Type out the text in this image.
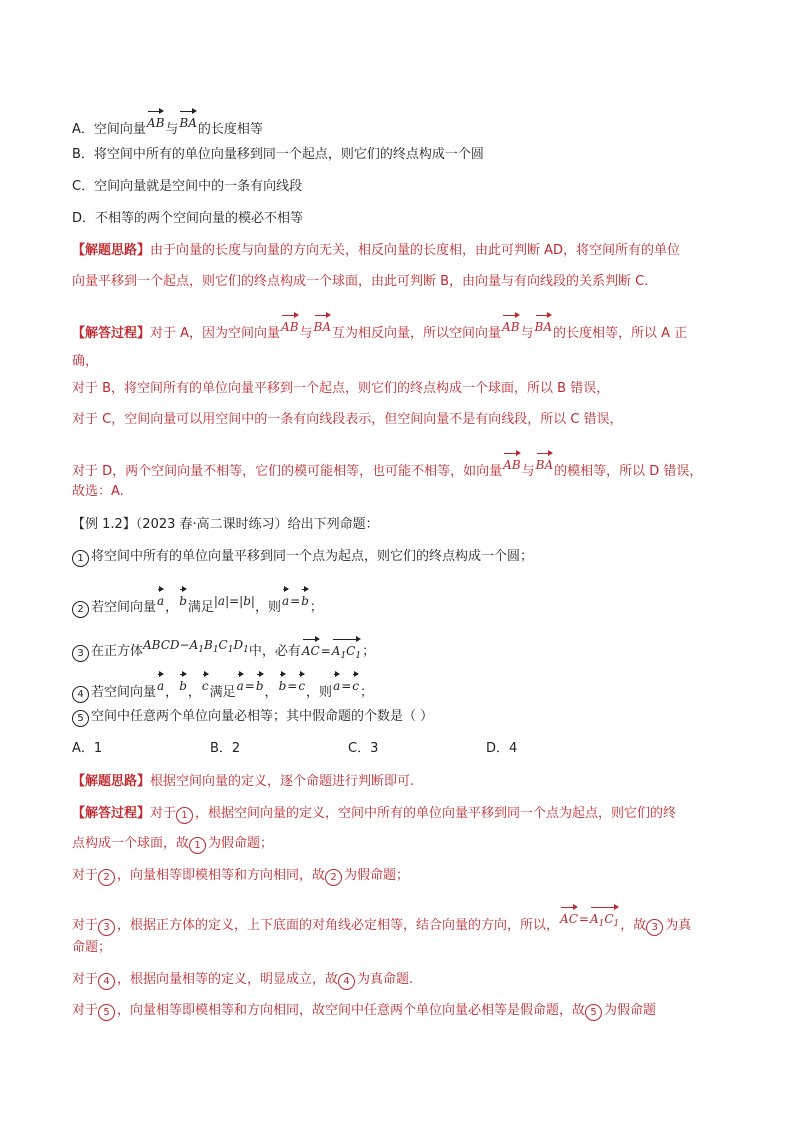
A．空间向量
AB与
BA的长度相等
B．将空间中所有的单位向量移到同一个起点，则它们的终点构成一个圆
C．空间向量就是空间中的一条有向线段
D．不相等的两个空间向量的模必不相等
【解题思路】由于向量的长度与向量的方向无关，相反向量的长度相，由此可判断 AD，将空间所有的单位
向量平移到一个起点，则它们的终点构成一个球面，由此可判断 B，由向量与有向线段的关系判断 C.
【解答过程】对于 A，因为空间向量
AB与
BA互为相反向量，所以空间向量
AB与
BA的长度相等，所以 A 正
确，
对于 B，将空间所有的单位向量平移到一个起点，则它们的终点构成一个球面，所以 B 错误，
对于 C，空间向量可以用空间中的一条有向线段表示，但空间向量不是有向线段，所以 C 错误，
对于 D，两个空间向量不相等，它们的模可能相等，也可能不相等，如向量
AB与
BA的模相等，所以 D 错误，
故选：A.
【例 1.2】（2023 春·高二课时练习）给出下列命题：
1 将空间中所有的单位向量平移到同一个点为起点，则它们的终点构成一个圆；
2 若空间向量
a，
b满足|a|=|b|，则
a=
b；
3 在正方体$ABCD-A_1B_1C_1D_1$中，必有
AC=
$A_1C_1$；
4 若空间向量
a，
b，
c满足
a=
b，
b=
c，则
a=
c；
5 空间中任意两个单位向量必相等；其中假命题的个数是（ ）
A．1	B．2	C．3	D．4
【解题思路】根据空间向量的定义，逐个命题进行判断即可.
【解答过程】对于 1 ，根据空间向量的定义，空间中所有的单位向量平移到同一个点为起点，则它们的终
点构成一个球面，故 1 为假命题；
对于 2 ，向量相等即模相等和方向相同，故 2 为假命题；
对于 3 ，根据正方体的定义，上下底面的对角线必定相等，结合向量的方向，所以，
AC=
$A_1C_1$，故 3 为真
命题；
对于 4 ，根据向量相等的定义，明显成立，故 4 为真命题.
对于 5 ，向量相等即模相等和方向相同，故空间中任意两个单位向量必相等是假命题，故 5 为假命题
